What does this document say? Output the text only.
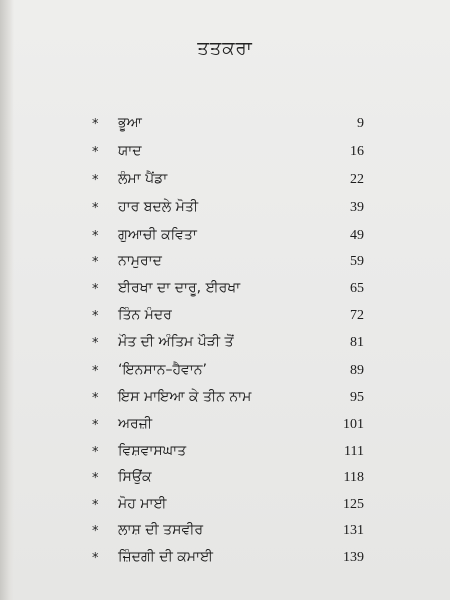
ਤਤਕਰਾ
* ਭੂਆ	9
* ਯਾਦ	16
* ਲੰਮਾ ਪੈਂਡਾ	22
* ਹਾਰ ਬਦਲੇ ਮੋਤੀ	39
* ਗੁਆਚੀ ਕਵਿਤਾ	49
* ਨਾਮੁਰਾਦ	59
* ਈਰਖਾ ਦਾ ਦਾਰੂ, ਈਰਖਾ	65
* ਤਿੰਨ ਮੰਦਰ	72
* ਮੌਤ ਦੀ ਅੰਤਿਮ ਪੌੜੀ ਤੋਂ	81
* ‘ਇਨਸਾਨ–ਹੈਵਾਨ’	89
* ਇਸ ਮਾਇਆ ਕੇ ਤੀਨ ਨਾਮ	95
* ਅਰਜ਼ੀ	101
* ਵਿਸ਼ਵਾਸਘਾਤ	111
* ਸਿਉਂਕ	118
* ਮੋਹ ਮਾਈ	125
* ਲਾਸ਼ ਦੀ ਤਸਵੀਰ	131
* ਜ਼ਿੰਦਗੀ ਦੀ ਕਮਾਈ	139
